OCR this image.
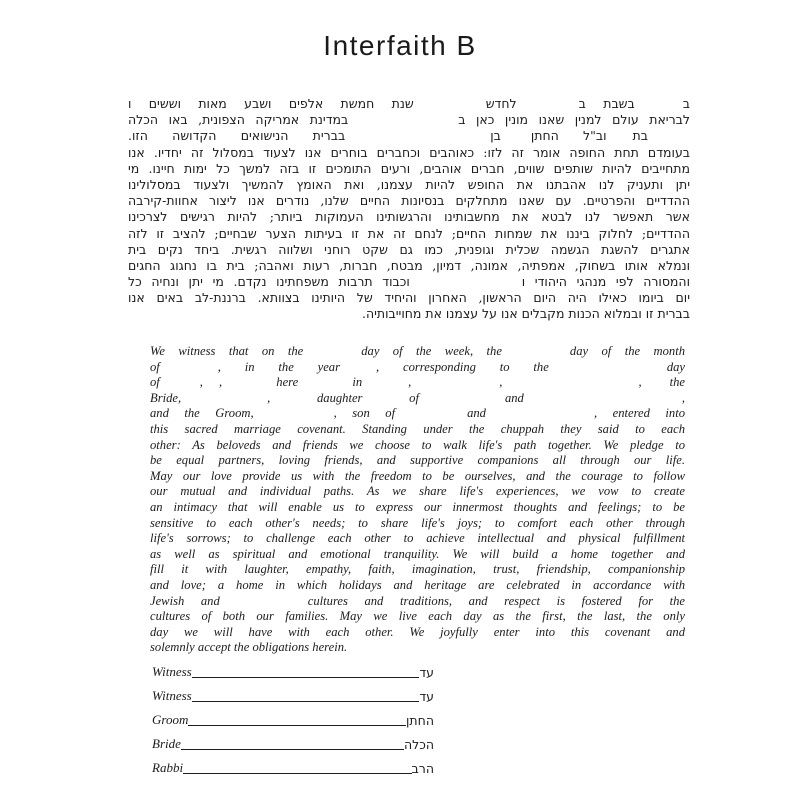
Interfaith B
בבשבת בלחדששנת חמשת אלפים ושבע מאות וששים ו
לבריאת עולם למנין שאנו מונין כאן בבמדינת אמריקה הצפונית, באו הכלה
בתוב"ל החתןבןבברית הנישואים הקדושה הזו.
בעומדם תחת החופה אומר זה לזו: כאוהבים וכחברים בוחרים אנו לצעוד במסלול זה יחדיו. אנו
מתחייבים להיות שותפים שווים, חברים אוהבים, ורעים התומכים זו בזה למשך כל ימות חיינו. מי
יתן ותעניק לנו אהבתנו את החופש להיות עצמנו, ואת האומץ להמשיך ולצעוד במסלולינו
ההדדיים והפרטיים. עם שאנו מתחלקים בנסיונות החיים שלנו, נודרים אנו ליצור אחוות-קירבה
אשר תאפשר לנו לבטא את מחשבותינו והרגשותינו העמוקות ביותר; להיות רגישים לצרכינו
ההדדיים; לחלוק ביננו את שמחות החיים; לנחם זה את זו בעיתות הצער שבחיים; להציב זו לזה
אתגרים להשגת הגשמה שכלית וגופנית, כמו גם שקט רוחני ושלווה רגשית. ביחד נקים בית
ונמלא אותו בשחוק, אמפתיה, אמונה, דמיון, מבטח, חברות, רעות ואהבה; בית בו נחגוג החגים
והמסורה לפי מנהגי היהודי ווכבוד תרבות משפחתינו נקדם. מי יתן ונחיה כל
יום ביומו כאילו היה היום הראשון, האחרון והיחיד של היותינו בצוותא. ברננת-לב באים אנו
בברית זו ובמלוא הכנות מקבלים אנו על עצמנו את מחוייבותיה.
We witness that on the	day of the week, the	day of the month
of	, in the year	, corresponding to the	day
of	, , here in	,	,	, the
Bride,	, daughter of	and	,
and the Groom,	, son of	and	, entered into
this sacred marriage covenant. Standing under the chuppah they said to each
other: As beloveds and friends we choose to walk life's path together. We pledge to
be equal partners, loving friends, and supportive companions all through our life.
May our love provide us with the freedom to be ourselves, and the courage to follow
our mutual and individual paths. As we share life's experiences, we vow to create
an intimacy that will enable us to express our innermost thoughts and feelings; to be
sensitive to each other's needs; to share life's joys; to comfort each other through
life's sorrows; to challenge each other to achieve intellectual and physical fulfillment
as well as spiritual and emotional tranquility. We will build a home together and
fill it with laughter, empathy, faith, imagination, trust, friendship, companionship
and love; a home in which holidays and heritage are celebrated in accordance with
Jewish and	cultures and traditions, and respect is fostered for the
cultures of both our families. May we live each day as the first, the last, the only
day we will have with each other. We joyfully enter into this covenant and
solemnly accept the obligations herein.
Witness	עד
Witness	עד
Groom	החתן
Bride	הכלה
Rabbi	הרב
